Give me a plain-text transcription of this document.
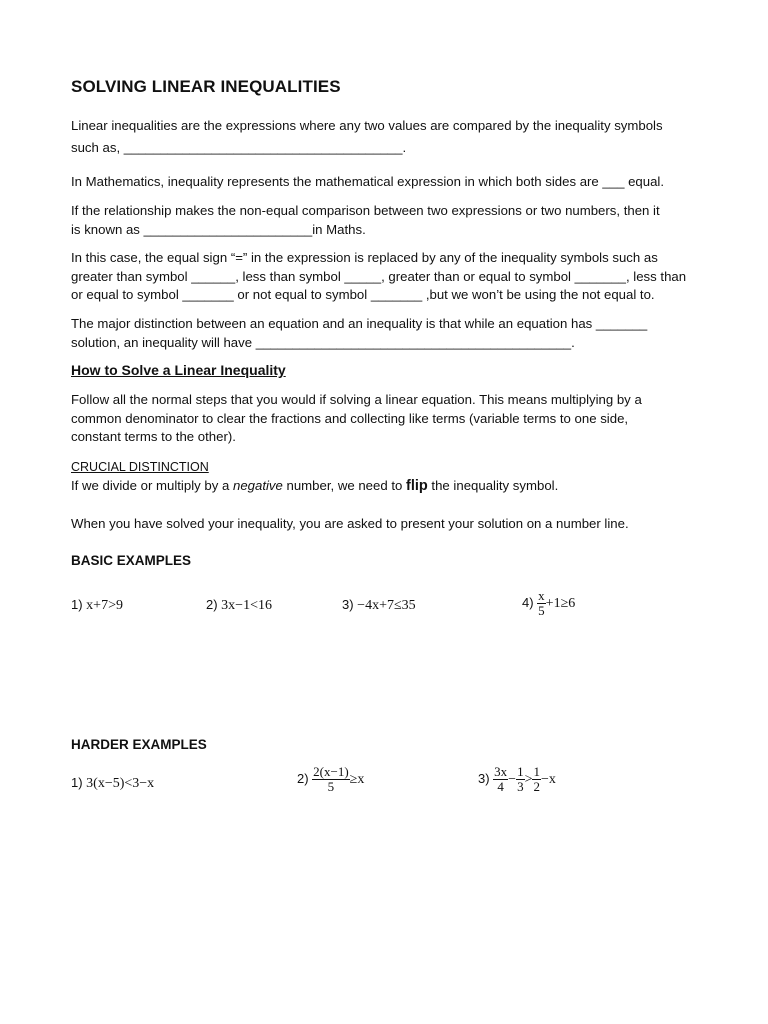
SOLVING LINEAR INEQUALITIES
Linear inequalities are the expressions where any two values are compared by the inequality symbols
such as, ______________________________________.
In Mathematics, inequality represents the mathematical expression in which both sides are ___ equal.
If the relationship makes the non-equal comparison between two expressions or two numbers, then it
is known as _______________________in Maths.
In this case, the equal sign “=” in the expression is replaced by any of the inequality symbols such as
greater than symbol ______, less than symbol _____, greater than or equal to symbol _______, less than
or equal to symbol _______ or not equal to symbol _______ ,but we won’t be using the not equal to.
The major distinction between an equation and an inequality is that while an equation has _______
solution, an inequality will have ___________________________________________.
How to Solve a Linear Inequality
Follow all the normal steps that you would if solving a linear equation. This means multiplying by a
common denominator to clear the fractions and collecting like terms (variable terms to one side,
constant terms to the other).
CRUCIAL DISTINCTION
If we divide or multiply by a negative number, we need to flip the inequality symbol.
When you have solved your inequality, you are asked to present your solution on a number line.
BASIC EXAMPLES
1) x+7>9	2) 3x−1<16	3) −4x+7≤35	$4) \frac{x}{5} +1\ge 6$
HARDER EXAMPLES
1) 3(x−5)<3−x	$2) \frac{2(x-1)}{5} \ge x$	$3) \frac{3x}{4} - \frac{1}{3} > \frac{1}{2} -x$
